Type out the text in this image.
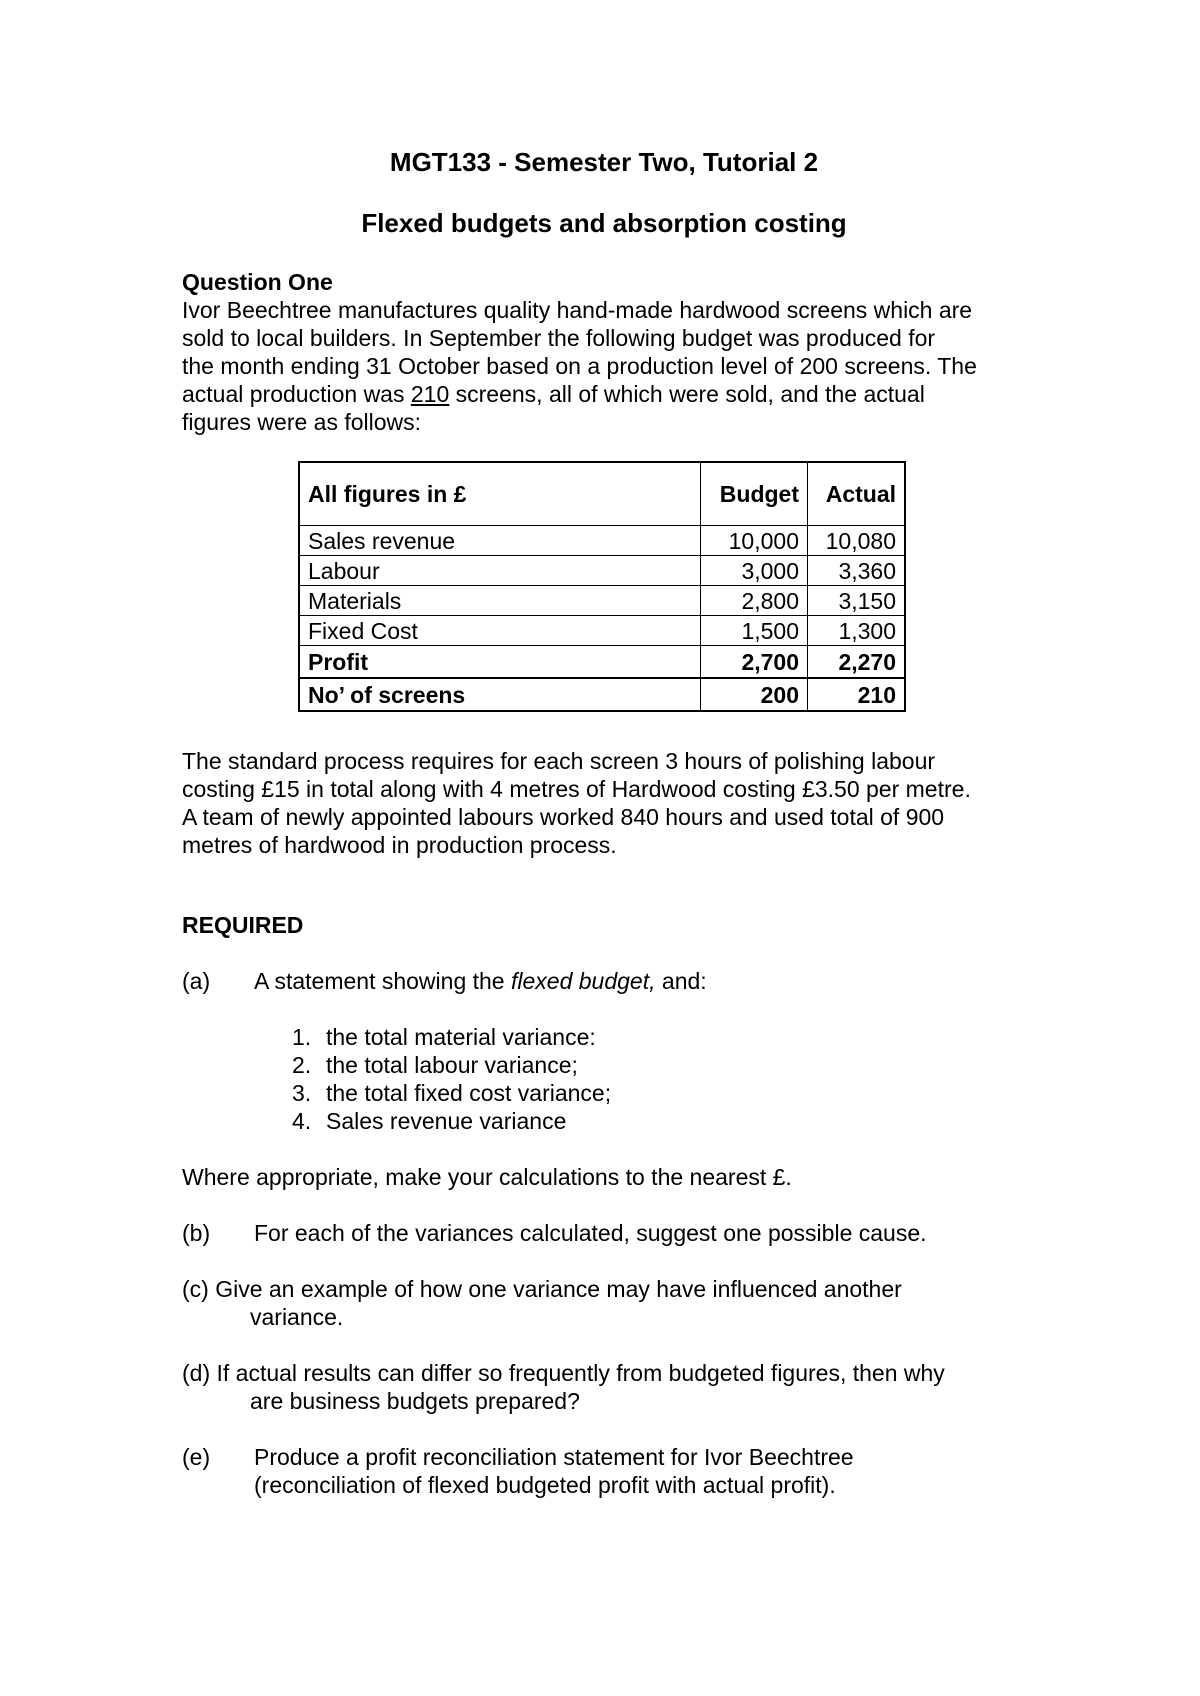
MGT133 - Semester Two, Tutorial 2
Flexed budgets and absorption costing
Question One
Ivor Beechtree manufactures quality hand-made hardwood screens which are
sold to local builders. In September the following budget was produced for
the month ending 31 October based on a production level of 200 screens. The
actual production was 210 screens, all of which were sold, and the actual
figures were as follows:
All figures in £	Budget	Actual
Sales revenue	10,000	10,080
Labour	3,000	3,360
Materials	2,800	3,150
Fixed Cost	1,500	1,300
Profit	2,700	2,270
No’ of screens	200	210
The standard process requires for each screen 3 hours of polishing labour
costing £15 in total along with 4 metres of Hardwood costing £3.50 per metre.
A team of newly appointed labours worked 840 hours and used total of 900
metres of hardwood in production process.
REQUIRED
(a) A statement showing the flexed budget, and:
1. the total material variance:
2. the total labour variance;
3. the total fixed cost variance;
4. Sales revenue variance
Where appropriate, make your calculations to the nearest £.
(b) For each of the variances calculated, suggest one possible cause.
(c) Give an example of how one variance may have influenced another
variance.
(d) If actual results can differ so frequently from budgeted figures, then why
are business budgets prepared?
(e) Produce a profit reconciliation statement for Ivor Beechtree
(reconciliation of flexed budgeted profit with actual profit).
